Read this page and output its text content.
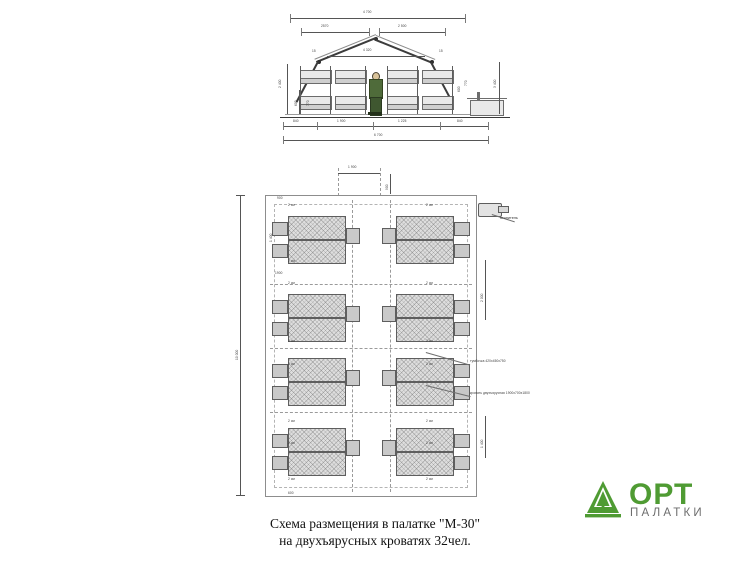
4 700
2570	2 500
4 320
15	15
2 400
600	770
3 400
600
770
840	1 900	1 225	840
6 700
1 900
900
2 см
2 см
2 см
2 см
2 см
2 см
2 см
2 см
2 см
2 см
2 см
2 см
2 см
2 см
2 см
2 см
900
1900
1 400
600
10 000
2 000
1 400
отопитель
тумбочка 420х450х750
кровать двухъярусная 1900х700х1800
Схема размещения в палатке "М-30"
на двухъярусных кроватях 32чел.
ОРТ
ПАЛАТКИ
